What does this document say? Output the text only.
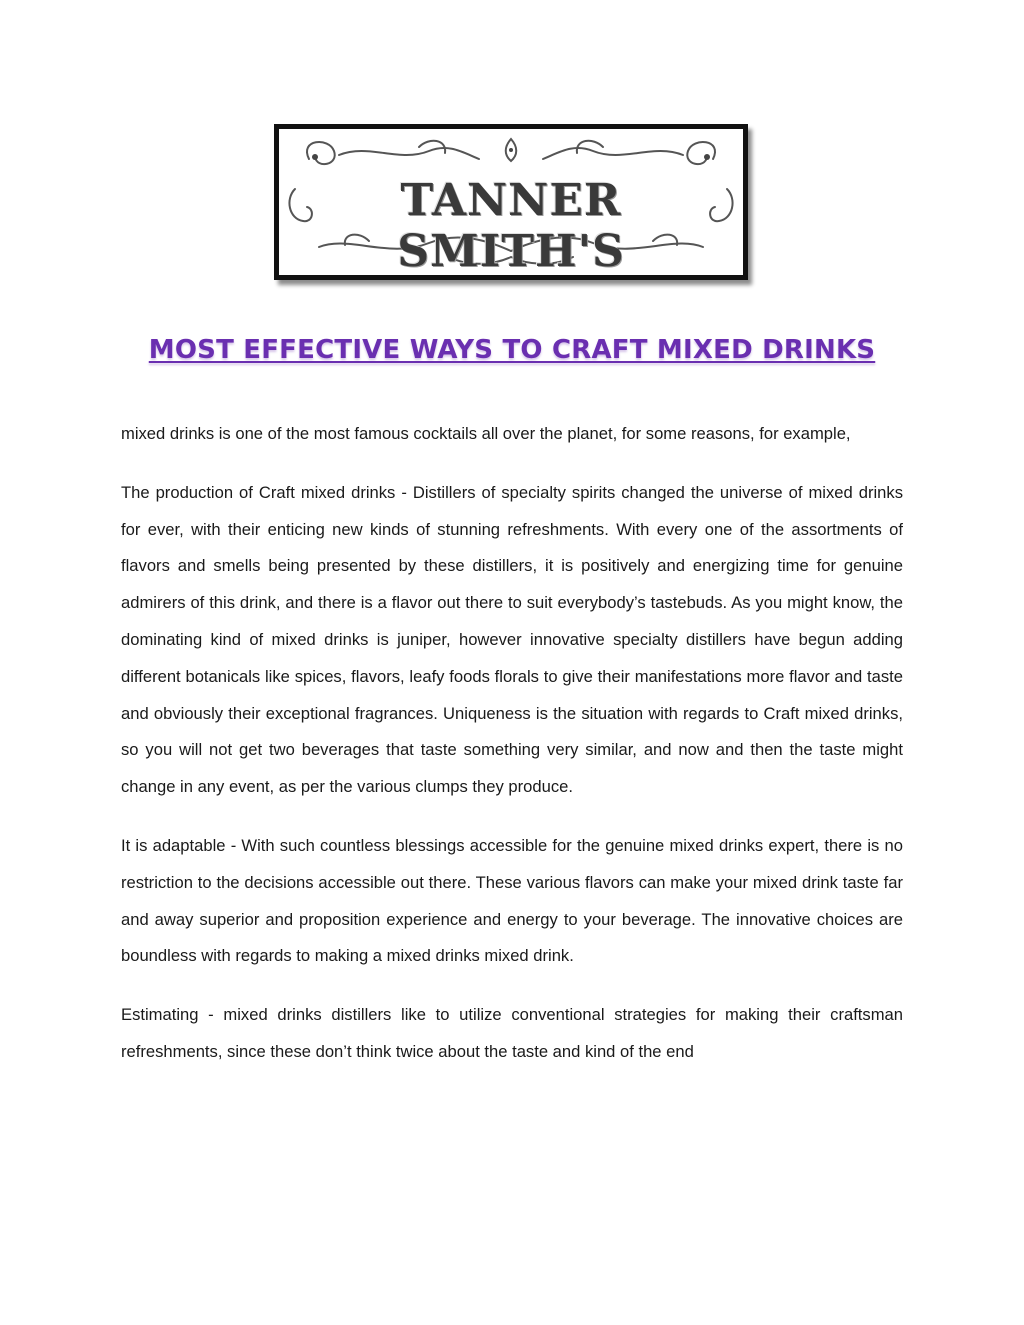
TANNER SMITH'S
MOST EFFECTIVE WAYS TO CRAFT MIXED DRINKS

mixed drinks is one of the most famous cocktails all over the planet, for some reasons, for example,

The production of Craft mixed drinks - Distillers of specialty spirits changed the universe of mixed drinks for ever, with their enticing new kinds of stunning refreshments. With every one of the assortments of flavors and smells being presented by these distillers, it is positively and energizing time for genuine admirers of this drink, and there is a flavor out there to suit everybody’s tastebuds. As you might know, the dominating kind of mixed drinks is juniper, however innovative specialty distillers have begun adding different botanicals like spices, flavors, leafy foods florals to give their manifestations more flavor and taste and obviously their exceptional fragrances. Uniqueness is the situation with regards to Craft mixed drinks, so you will not get two beverages that taste something very similar, and now and then the taste might change in any event, as per the various clumps they produce.

It is adaptable - With such countless blessings accessible for the genuine mixed drinks expert, there is no restriction to the decisions accessible out there. These various flavors can make your mixed drink taste far and away superior and proposition experience and energy to your beverage. The innovative choices are boundless with regards to making a mixed drinks mixed drink.

Estimating - mixed drinks distillers like to utilize conventional strategies for making their craftsman refreshments, since these don’t think twice about the taste and kind of the end
